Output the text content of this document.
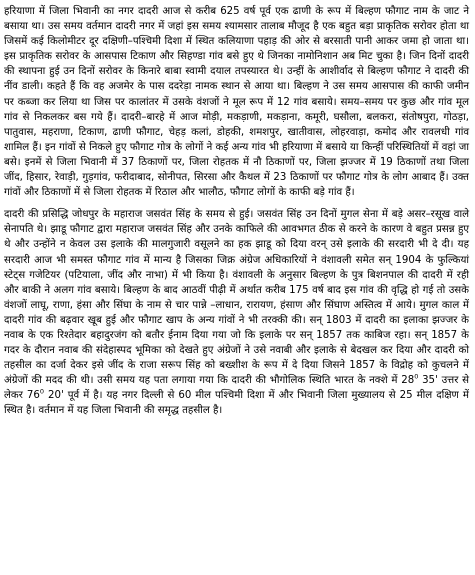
हरियाणा में जिला भिवानी का नगर दादरी आज से करीब 625 वर्ष पूर्व एक ढाणी के रूप में बिल्हण फौगाट नाम के जाट ने बसाया था। उस समय वर्तमान दादरी नगर में जहां इस समय श्यामसार तालाब मौजूद है एक बहुत बड़ा प्राकृतिक सरोवर होता था जिसमें कई किलोमीटर दूर दक्षिणी–पश्चिमी दिशा में स्थित कलियाणा पहाड़ की ओर से बरसाती पानी आकर जमा हो जाता था। इस प्राकृतिक सरोवर के आसपास टिकाण और सिहण्डा गांव बसे हुए थे जिनका नामोनिशान अब मिट चुका है। जिन दिनों दादरी की स्थापना हुई उन दिनों सरोवर के किनारे बाबा स्वामी दयाल तपस्यारत थे। उन्हीं के आशीर्वाद से बिल्हण फौगाट ने दादरी की नींव डाली। कहते हैं कि वह अजमेर के पास ददरेड़ा नामक स्थान से आया था। बिल्हण ने उस समय आसपास की काफी जमीन पर कब्जा कर लिया था जिस पर कालांतर में उसके वंशजों ने मूल रूप में 12 गांव बसाये। समय–समय पर कुछ और गांव मूल गांव से निकलकर बस गये हैं। दादरी–बारहे में आज मोड़ी, मकड़ाणी, मकड़ाना, कमूरी, घसौला, बलकरा, संतोषपुरा, गोठड़ा, पातुवास, महराणा, टिकाण, ढाणी फौगाट, चेहड़ कलां, डोहकी, शमशपुर, खातीवास, लोहरवाड़ा, कमोद और रावलधी गांव शामिल हैं। इन गांवों से निकले हुए फौगाट गोत्र के लोगों ने कई अन्य गांव भी हरियाणा में बसाये या किन्हीं परिस्थितियों में वहां जा बसे। इनमें से जिला भिवानी में 37 ठिकाणों पर, जिला रोहतक में नौ ठिकाणों पर, जिला झज्जर में 19 ठिकाणों तथा जिला जींद, हिसार, रेवाड़ी, गुड़गांव, फरीदाबाद, सोनीपत, सिरसा और कैथल में 23 ठिकाणों पर फौगाट गोत्र के लोग आबाद हैं। उक्त गांवों और ठिकाणों में से जिला रोहतक में रिठाल और भालौठ, फौगाट लोगों के काफी बड़े गांव हैं।

दादरी की प्रसिद्धि जोधपुर के महाराज जसवंत सिंह के समय से हुई। जसवंत सिंह उन दिनों मुगल सेना में बड़े असर–रसूख वाले सेनापति थे। झाडू फौगाट द्वारा महाराज जसवंत सिंह और उनके काफिले की आवभगत ठीक से करने के कारण वे बहुत प्रसन्न हुए थे और उन्होंने न केवल उस इलाके की मालगुजारी वसूलने का हक झाडू को दिया वरन् उसे इलाके की सरदारी भी दे दी। यह सरदारी आज भी समस्त फौगाट गांव में मान्य है जिसका जिक्र अंग्रेज अधिकारियों ने वंशावली समेत सन् 1904 के फुल्कियां स्टेट्स गजेटियर (पटियाला, जींद और नाभा) में भी किया है। वंशावली के अनुसार बिल्हण के पुत्र बिशनपाल की दादरी में रही और बाकी ने अलग गांव बसाये। बिल्हण के बाद आठवीं पीढ़ी में अर्थात करीब 175 वर्ष बाद इस गांव की वृद्धि हो गई तो उसके वंशजों लाघू, राणा, हंसा और सिंघा के नाम से चार पान्ने –लाधान, रारायण, हंसाण और सिंघाण अस्तित्व में आये। मुगल काल में दादरी गांव की बढ़वार खूब हुई और फौगाट खाप के अन्य गांवों ने भी तरक्की की। सन् 1803 में दादरी का इलाका झज्जर के नवाब के एक रिश्तेदार बहादुरजंग को बतौर ईनाम दिया गया जो कि इलाके पर सन् 1857 तक काबिज रहा। सन् 1857 के गदर के दौरान नवाब की संदेहास्पद भूमिका को देखते हुए अंग्रेजों ने उसे नवाबी और इलाके से बेदखल कर दिया और दादरी को तहसील का दर्जा देकर इसे जींद के राजा सरूप सिंह को बख्शीश के रूप में दे दिया जिसने 1857 के विद्रोह को कुचलने में अंग्रेजों की मदद की थी। उसी समय यह पता लगाया गया कि दादरी की भौगोलिक स्थिति भारत के नक्शे में $28^0$ 35' उत्तर से लेकर $76^0$ 20' पूर्व में है। यह नगर दिल्ली से 60 मील पश्चिमी दिशा में और भिवानी जिला मुख्यालय से 25 मील दक्षिण में स्थित है। वर्तमान में यह जिला भिवानी की समृद्ध तहसील है।
